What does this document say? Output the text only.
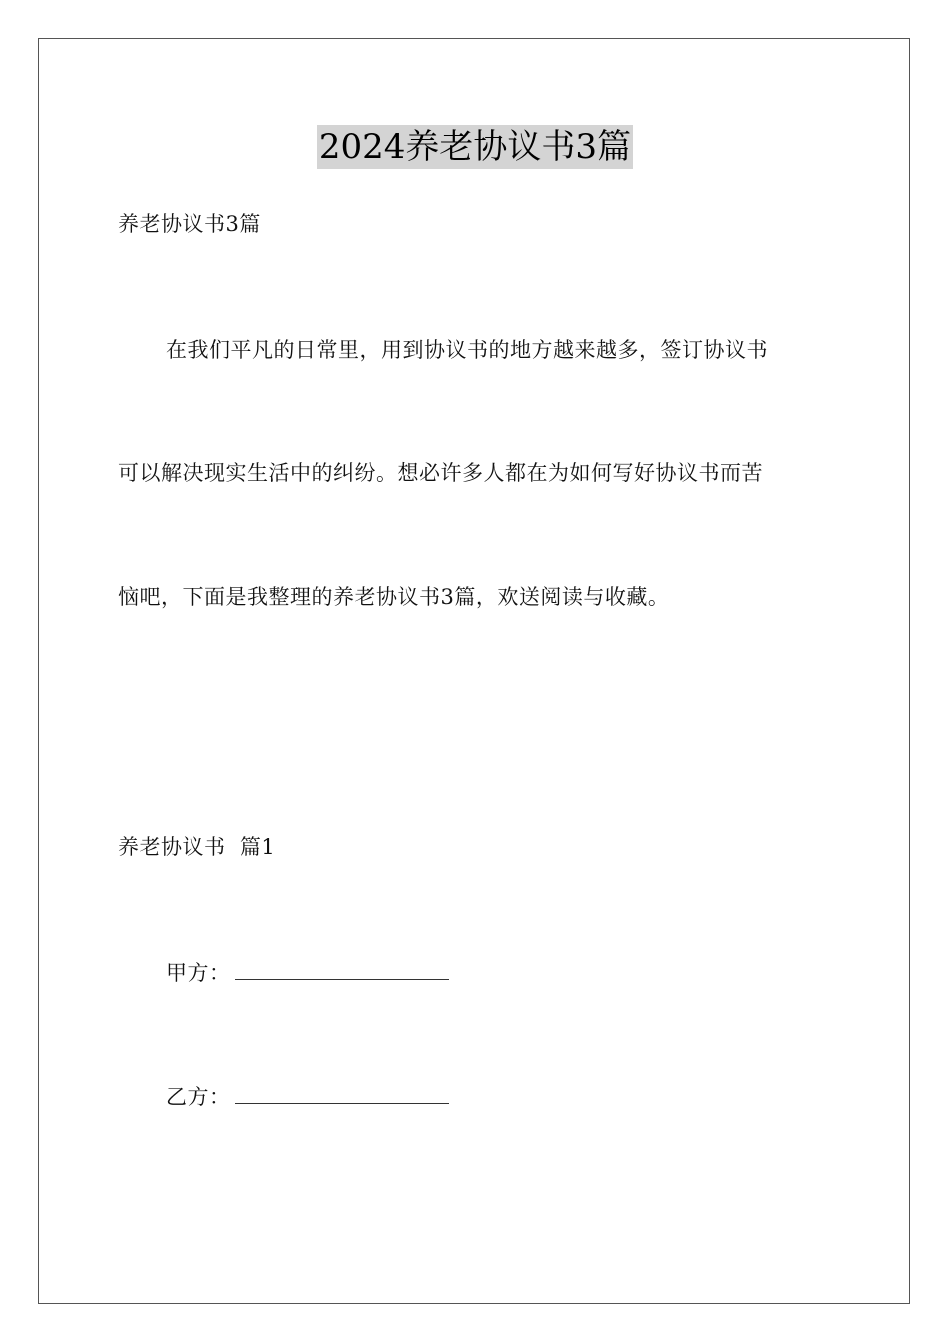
2024养老协议书3篇
养老协议书3篇
在我们平凡的日常里，用到协议书的地方越来越多，签订协议书
可以解决现实生活中的纠纷。想必许多人都在为如何写好协议书而苦
恼吧，下面是我整理的养老协议书3篇，欢送阅读与收藏。
养老协议书  篇1
甲方：
乙方：
